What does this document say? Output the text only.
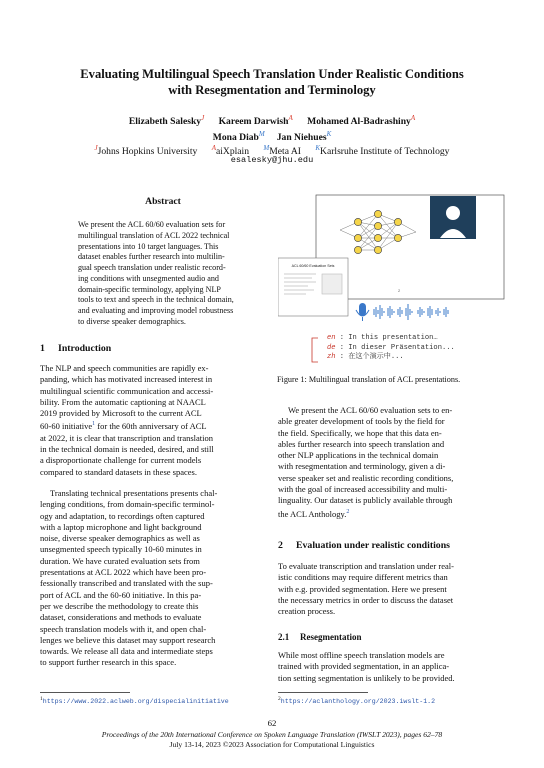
Evaluating Multilingual Speech Translation Under Realistic Conditions
with Resegmentation and Terminology
Elizabeth Salesky$^J$ Kareem Darwish$^A$ Mohamed Al-Badrashiny$^A$
Mona Diab$^M$ Jan Niehues$^K$
$^J$Johns Hopkins University $^A$aiXplain $^M$Meta AI $^K$Karlsruhe Institute of Technology
esalesky@jhu.edu
Abstract
We present the ACL 60/60 evaluation sets for
multilingual translation of ACL 2022 technical
presentations into 10 target languages. This
dataset enables further research into multilin-
gual speech translation under realistic record-
ing conditions with unsegmented audio and
domain-specific terminology, applying NLP
tools to text and speech in the technical domain,
and evaluating and improving model robustness
to diverse speaker demographics.
1 Introduction
The NLP and speech communities are rapidly ex-
panding, which has motivated increased interest in
multilingual scientific communication and accessi-
bility. From the automatic captioning at NAACL
2019 provided by Microsoft to the current ACL
60-60 initiative$^1$ for the 60th anniversary of ACL
at 2022, it is clear that transcription and translation
in the technical domain is needed, desired, and still
a disproportionate challenge for current models
compared to standard datasets in these spaces.
Translating technical presentations presents chal-
lenging conditions, from domain-specific terminol-
ogy and adaptation, to recordings often captured
with a laptop microphone and light background
noise, diverse speaker demographics as well as
unsegmented speech typically 10-60 minutes in
duration. We have curated evaluation sets from
presentations at ACL 2022 which have been pro-
fessionally transcribed and translated with the sup-
port of ACL and the 60-60 initiative. In this pa-
per we describe the methodology to create this
dataset, considerations and methods to evaluate
speech translation models with it, and open chal-
lenges we believe this dataset may support research
towards. We release all data and intermediate steps
to support further research in this space.
$^1$https://www.2022.aclweb.org/dispecialinitiative
ACL 60/60 Evaluation Sets
2
en : In this presentation…
de : In dieser Präsentation...
zh : 在这个演示中...
Figure 1: Multilingual translation of ACL presentations.
We present the ACL 60/60 evaluation sets to en-
able greater development of tools by the field for
the field. Specifically, we hope that this data en-
ables further research into speech translation and
other NLP applications in the technical domain
with resegmentation and terminology, given a di-
verse speaker set and realistic recording conditions,
with the goal of increased accessibility and multi-
linguality. Our dataset is publicly available through
the ACL Anthology.$^2$
2 Evaluation under realistic conditions
To evaluate transcription and translation under real-
istic conditions may require different metrics than
with e.g. provided segmentation. Here we present
the necessary metrics in order to discuss the dataset
creation process.
2.1 Resegmentation
While most offline speech translation models are
trained with provided segmentation, in an applica-
tion setting segmentation is unlikely to be provided.
$^2$https://aclanthology.org/2023.iwslt-1.2
62
Proceedings of the 20th International Conference on Spoken Language Translation (IWSLT 2023), pages 62–78
July 13-14, 2023 ©2023 Association for Computational Linguistics
